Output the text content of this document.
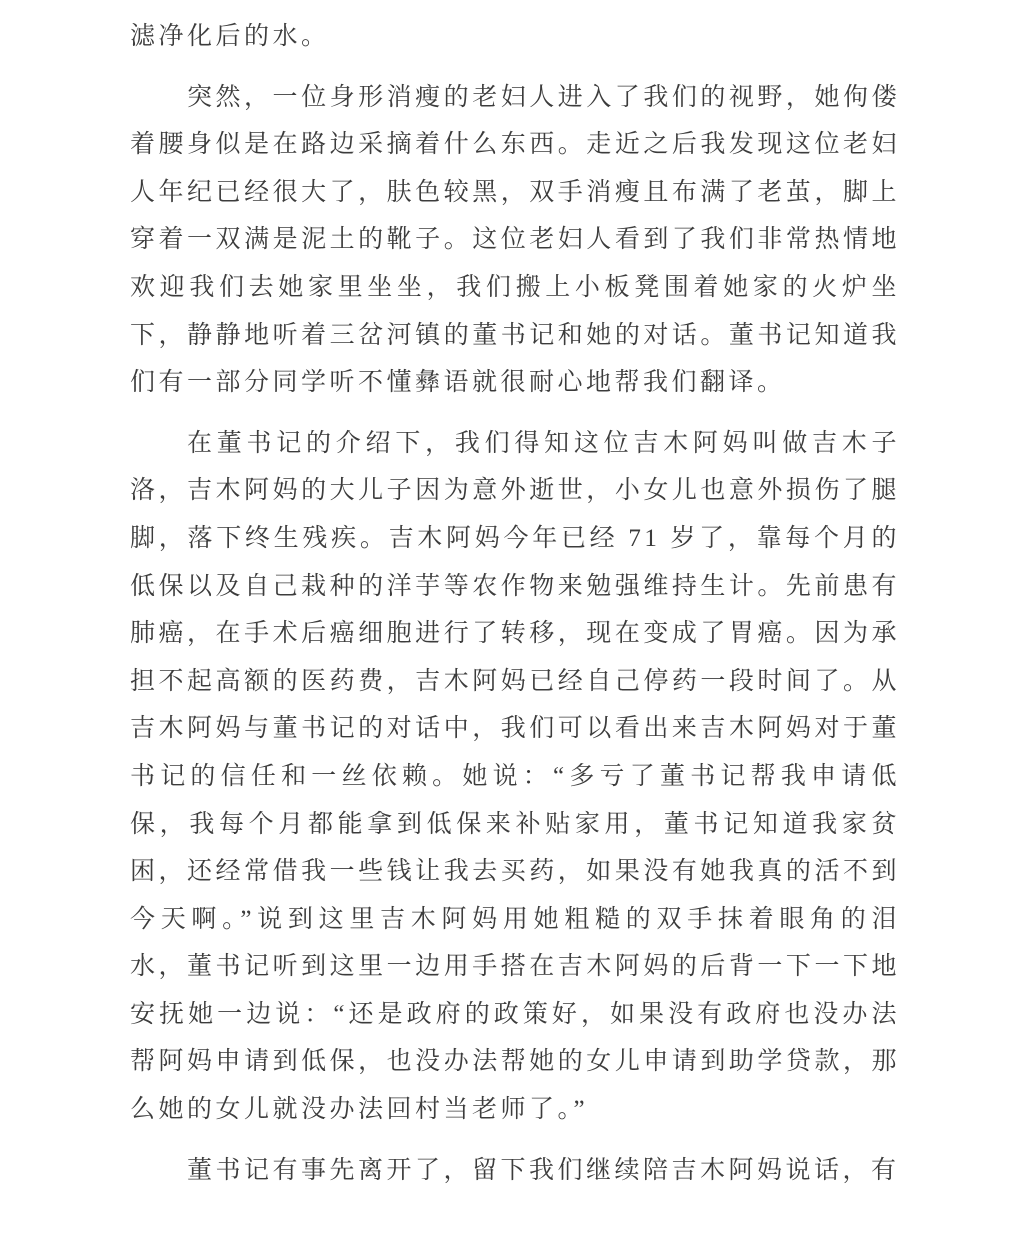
滤净化后的水。

突然，一位身形消瘦的老妇人进入了我们的视野，她佝偻着腰身似是在路边采摘着什么东西。走近之后我发现这位老妇人年纪已经很大了，肤色较黑，双手消瘦且布满了老茧，脚上穿着一双满是泥土的靴子。这位老妇人看到了我们非常热情地欢迎我们去她家里坐坐，我们搬上小板凳围着她家的火炉坐下，静静地听着三岔河镇的董书记和她的对话。董书记知道我们有一部分同学听不懂彝语就很耐心地帮我们翻译。

在董书记的介绍下，我们得知这位吉木阿妈叫做吉木子洛，吉木阿妈的大儿子因为意外逝世，小女儿也意外损伤了腿脚，落下终生残疾。吉木阿妈今年已经 71 岁了，靠每个月的低保以及自己栽种的洋芋等农作物来勉强维持生计。先前患有肺癌，在手术后癌细胞进行了转移，现在变成了胃癌。因为承担不起高额的医药费，吉木阿妈已经自己停药一段时间了。从吉木阿妈与董书记的对话中，我们可以看出来吉木阿妈对于董书记的信任和一丝依赖。她说：“多亏了董书记帮我申请低保，我每个月都能拿到低保来补贴家用，董书记知道我家贫困，还经常借我一些钱让我去买药，如果没有她我真的活不到今天啊。”说到这里吉木阿妈用她粗糙的双手抹着眼角的泪水，董书记听到这里一边用手搭在吉木阿妈的后背一下一下地安抚她一边说：“还是政府的政策好，如果没有政府也没办法帮阿妈申请到低保，也没办法帮她的女儿申请到助学贷款，那么她的女儿就没办法回村当老师了。”

董书记有事先离开了，留下我们继续陪吉木阿妈说话，有
